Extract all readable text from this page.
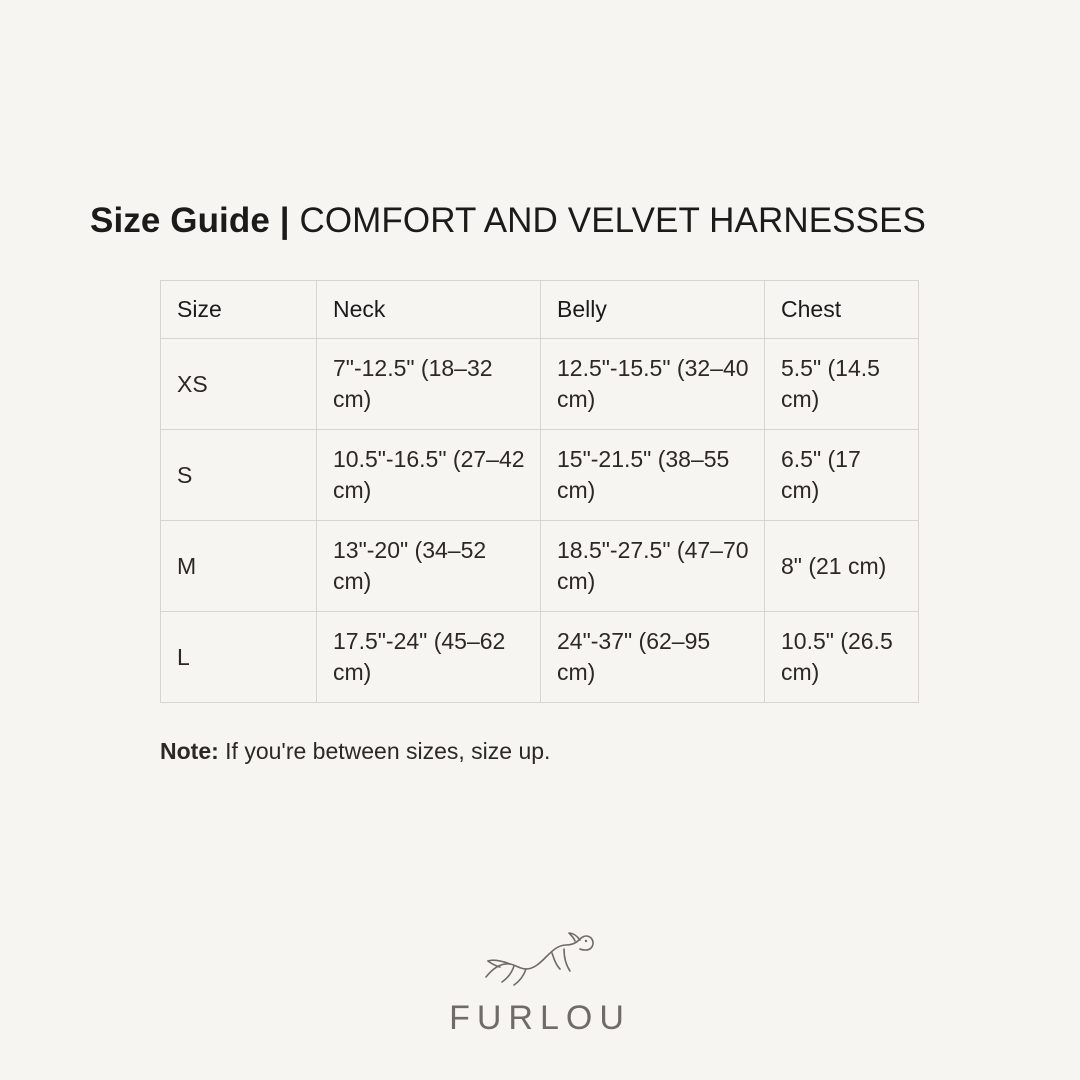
Size Guide | COMFORT AND VELVET HARNESSES
Size	Neck	Belly	Chest
XS	7"-12.5" (18–32 cm)	12.5"-15.5" (32–40 cm)	5.5" (14.5 cm)
S	10.5"-16.5" (27–42 cm)	15"-21.5" (38–55 cm)	6.5" (17 cm)
M	13"-20" (34–52 cm)	18.5"-27.5" (47–70 cm)	8" (21 cm)
L	17.5"-24" (45–62 cm)	24"-37" (62–95 cm)	10.5" (26.5 cm)

Note: If you're between sizes, size up.

FURLOU
